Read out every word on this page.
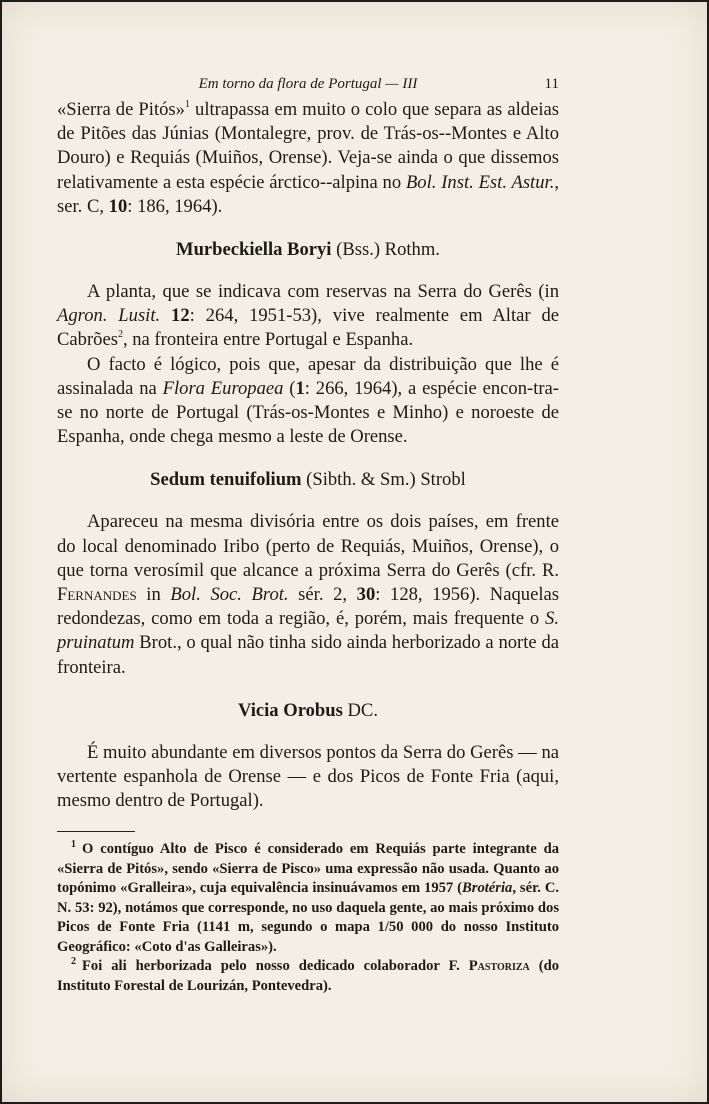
Em torno da flora de Portugal — III	11

«Sierra de Pitós»$^1$ ultrapassa em muito o colo que separa as aldeias de Pitões das Júnias (Montalegre, prov. de Trás-os--Montes e Alto Douro) e Requiás (Muiños, Orense). Veja-se ainda o que dissemos relativamente a esta espécie árctico--alpina no Bol. Inst. Est. Astur., ser. C, 10: 186, 1964).

Murbeckiella Boryi (Bss.) Rothm.

A planta, que se indicava com reservas na Serra do Gerês (in Agron. Lusit. 12: 264, 1951-53), vive realmente em Altar de Cabrões$^2$, na fronteira entre Portugal e Espanha.

O facto é lógico, pois que, apesar da distribuição que lhe é assinalada na Flora Europaea (1: 266, 1964), a espécie encon-tra-se no norte de Portugal (Trás-os-Montes e Minho) e noroeste de Espanha, onde chega mesmo a leste de Orense.

Sedum tenuifolium (Sibth. & Sm.) Strobl

Apareceu na mesma divisória entre os dois países, em frente do local denominado Iribo (perto de Requiás, Muiños, Orense), o que torna verosímil que alcance a próxima Serra do Gerês (cfr. R. Fernandes in Bol. Soc. Brot. sér. 2, 30: 128, 1956). Naquelas redondezas, como em toda a região, é, porém, mais frequente o S. pruinatum Brot., o qual não tinha sido ainda herborizado a norte da fronteira.

Vicia Orobus DC.

É muito abundante em diversos pontos da Serra do Gerês — na vertente espanhola de Orense — e dos Picos de Fonte Fria (aqui, mesmo dentro de Portugal).

$^1$ O contíguo Alto de Pisco é considerado em Requiás parte integrante da «Sierra de Pitós», sendo «Sierra de Pisco» uma expressão não usada. Quanto ao topónimo «Gralleira», cuja equivalência insinuávamos em 1957 (Brotéria, sér. C. N. 53: 92), notámos que corresponde, no uso daquela gente, ao mais próximo dos Picos de Fonte Fria (1141 m, segundo o mapa 1/50 000 do nosso Instituto Geográfico: «Coto d'as Galleiras»).

$^2$ Foi ali herborizada pelo nosso dedicado colaborador F. Pastoriza (do Instituto Forestal de Lourizán, Pontevedra).
